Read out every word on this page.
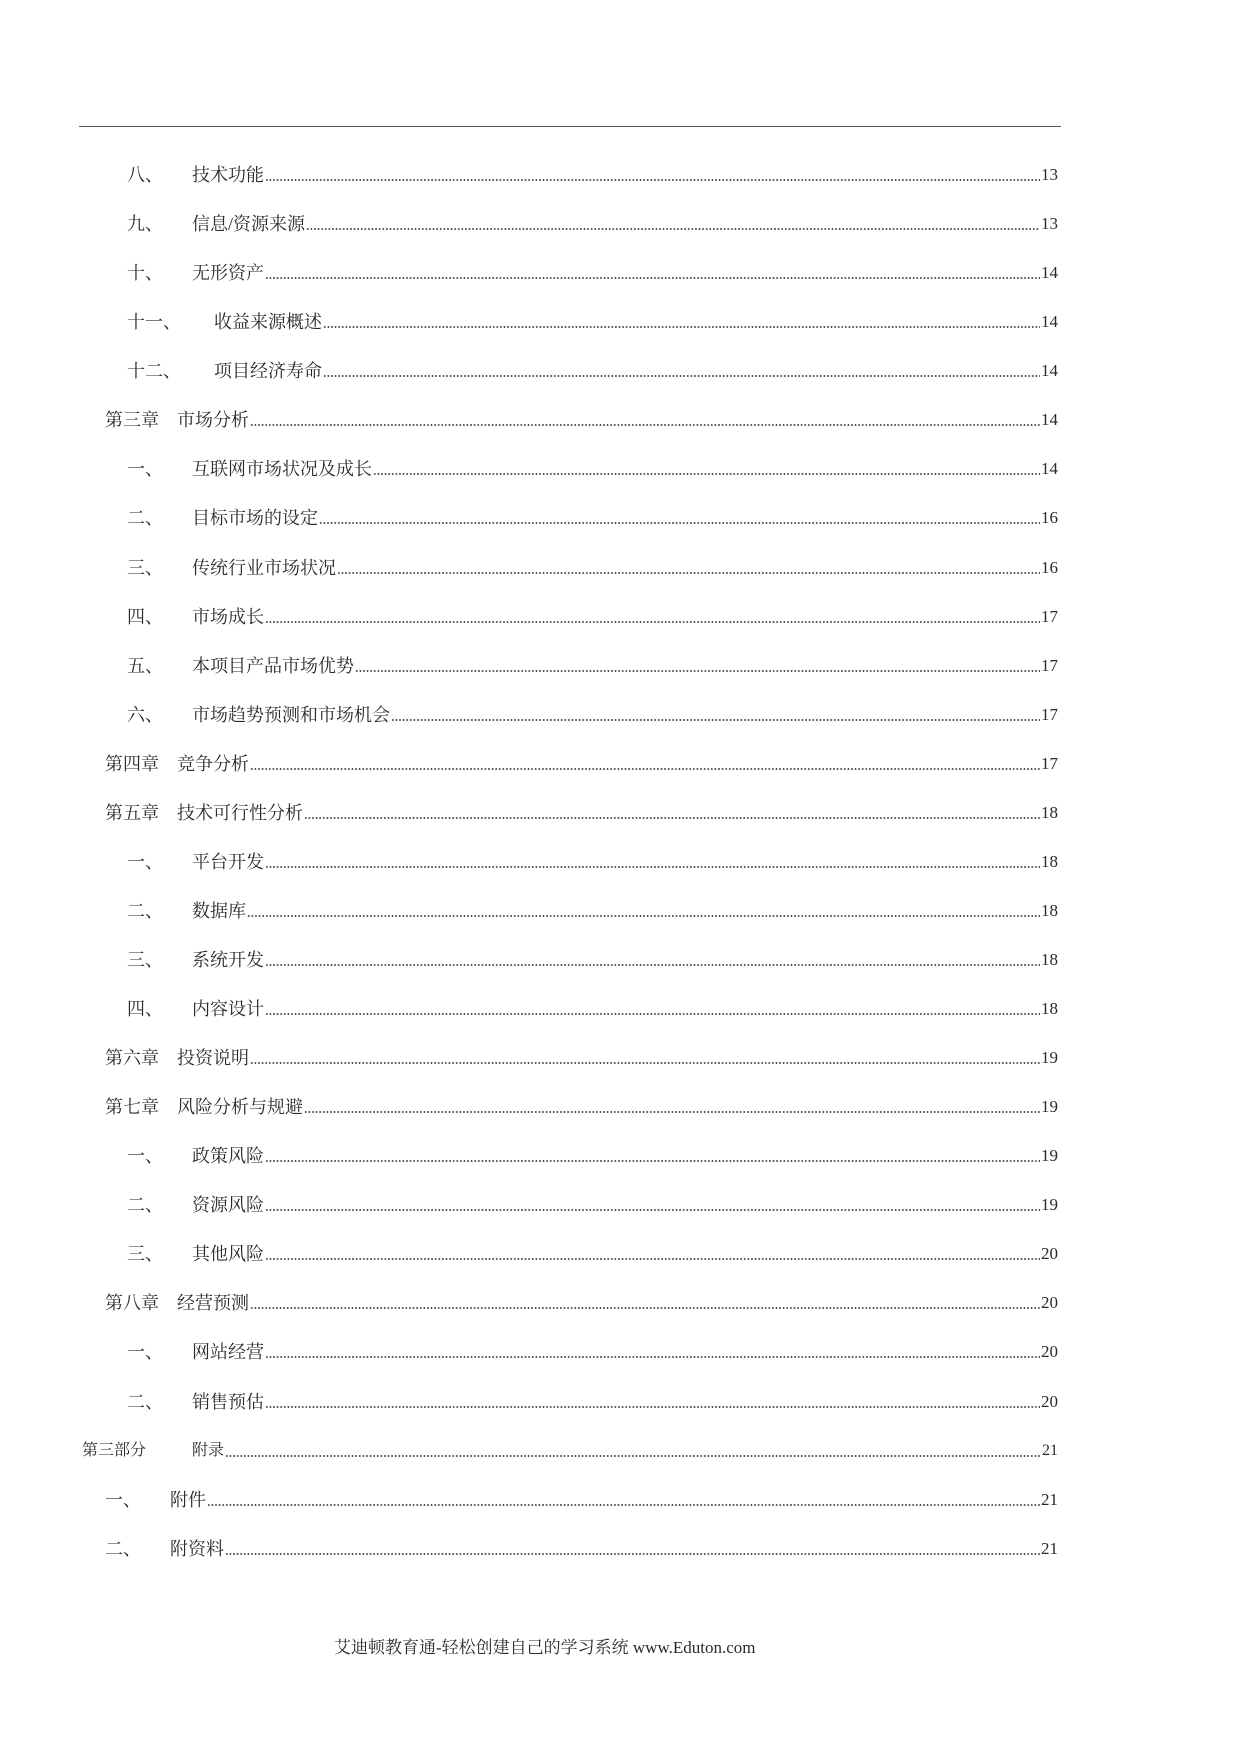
八、	技术功能	13
九、	信息/资源来源	13
十、	无形资产	14
十一、	收益来源概述	14
十二、	项目经济寿命	14
第三章	市场分析	14
一、	互联网市场状况及成长	14
二、	目标市场的设定	16
三、	传统行业市场状况	16
四、	市场成长	17
五、	本项目产品市场优势	17
六、	市场趋势预测和市场机会	17
第四章	竞争分析	17
第五章	技术可行性分析	18
一、	平台开发	18
二、	数据库	18
三、	系统开发	18
四、	内容设计	18
第六章	投资说明	19
第七章	风险分析与规避	19
一、	政策风险	19
二、	资源风险	19
三、	其他风险	20
第八章	经营预测	20
一、	网站经营	20
二、	销售预估	20
第三部分	附录	21
一、	附件	21
二、	附资料	21
艾迪顿教育通-轻松创建自己的学习系统 www.Eduton.com
